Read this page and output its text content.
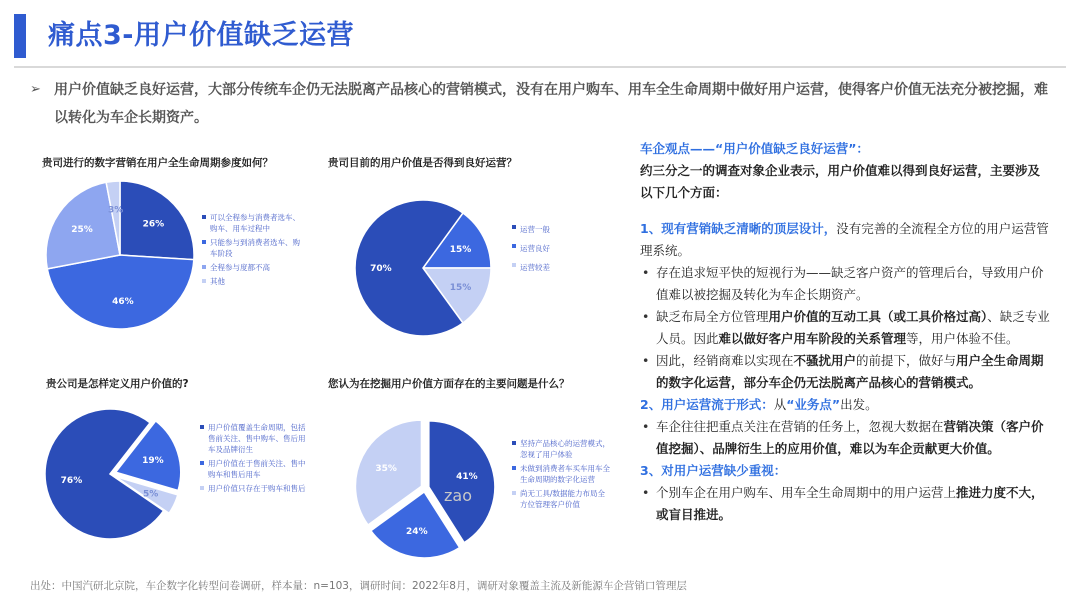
痛点3-用户价值缺乏运营
➢ 用户价值缺乏良好运营，大部分传统车企仍无法脱离产品核心的营销模式，没有在用户购车、用车全生命周期中做好用户运营，使得客户价值无法充分被挖掘，难以转化为车企长期资产。
贵司进行的数字营销在用户全生命周期参度如何？
26%
46%
25%
3%
可以全程参与消费者选车、购车、用车过程中
只能参与到消费者选车、购车阶段
全程参与度都不高
其他
贵司目前的用户价值是否得到良好运营？
15%
15%
70%
运营一般
运营良好
运营较差
贵公司是怎样定义用户价值的?
19%
5%
76%
用户价值覆盖生命周期，包括售前关注、售中购车、售后用车及品牌衍生
用户价值在于售前关注、售中购车和售后用车
用户价值只存在于购车和售后
您认为在挖掘用户价值方面存在的主要问题是什么？
41%
24%
35%
坚持产品核心的运营模式，忽视了用户体验
未做到消费者车买车用车全生命周期的数字化运营
尚无工具/数据能力布局全方位管理客户价值
zao

车企观点——“用户价值缺乏良好运营”：

约三分之一的调查对象企业表示，用户价值难以得到良好运营，主要涉及以下几个方面：

1、现有营销缺乏清晰的顶层设计，没有完善的全流程全方位的用户运营管理系统。

• 存在追求短平快的短视行为——缺乏客户资产的管理后台，导致用户价值难以被挖掘及转化为车企长期资产。
• 缺乏布局全方位管理用户价值的互动工具（或工具价格过高）、缺乏专业人员。因此难以做好客户用车阶段的关系管理等，用户体验不佳。
• 因此，经销商难以实现在不骚扰用户的前提下，做好与用户全生命周期的数字化运营，部分车企仍无法脱离产品核心的营销模式。

2、用户运营流于形式：从“业务点”出发。

• 车企往往把重点关注在营销的任务上，忽视大数据在营销决策（客户价值挖掘）、品牌衍生上的应用价值，难以为车企贡献更大价值。

3、对用户运营缺少重视：

• 个别车企在用户购车、用车全生命周期中的用户运营上推进力度不大，或盲目推进。
出处：中国汽研北京院，车企数字化转型问卷调研，样本量：n=103，调研时间：2022年8月，调研对象覆盖主流及新能源车企营销口管理层
